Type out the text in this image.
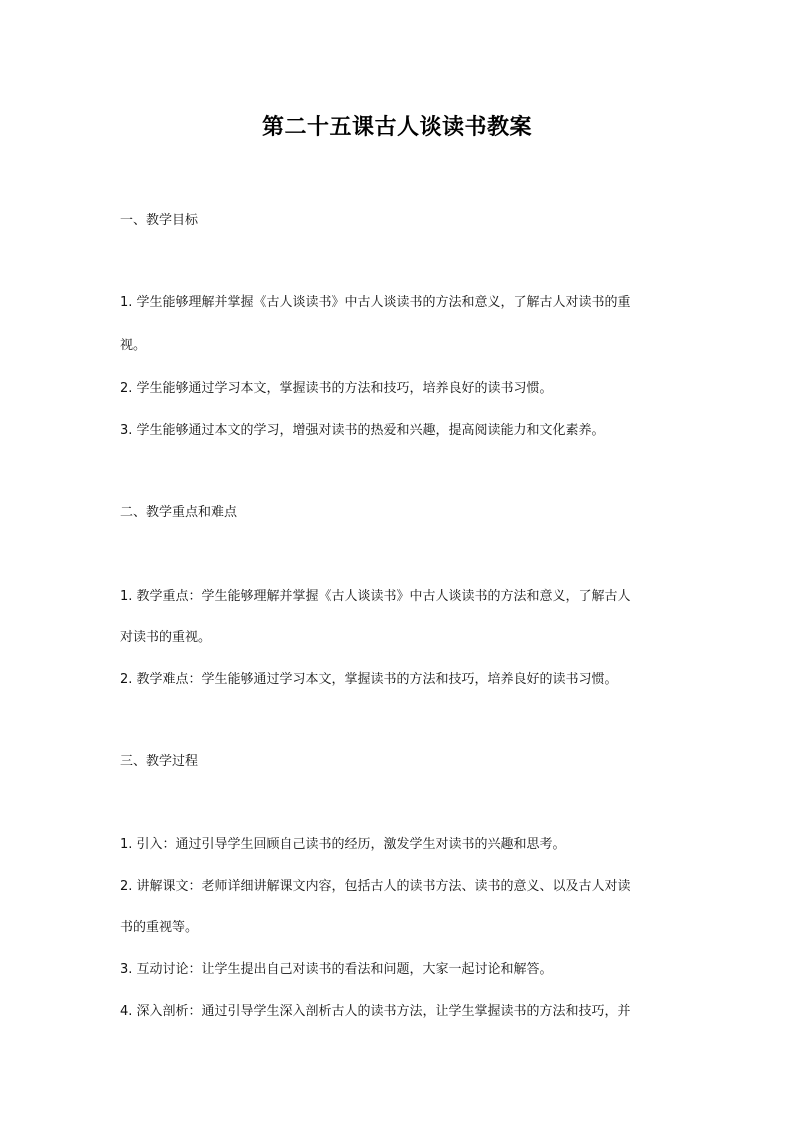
第二十五课古人谈读书教案

一、教学目标

1. 学生能够理解并掌握《古人谈读书》中古人谈读书的方法和意义，了解古人对读书的重

视。

2. 学生能够通过学习本文，掌握读书的方法和技巧，培养良好的读书习惯。

3. 学生能够通过本文的学习，增强对读书的热爱和兴趣，提高阅读能力和文化素养。

二、教学重点和难点

1. 教学重点：学生能够理解并掌握《古人谈读书》中古人谈读书的方法和意义，了解古人

对读书的重视。

2. 教学难点：学生能够通过学习本文，掌握读书的方法和技巧，培养良好的读书习惯。

三、教学过程

1. 引入：通过引导学生回顾自己读书的经历，激发学生对读书的兴趣和思考。

2. 讲解课文：老师详细讲解课文内容，包括古人的读书方法、读书的意义、以及古人对读

书的重视等。

3. 互动讨论：让学生提出自己对读书的看法和问题，大家一起讨论和解答。

4. 深入剖析：通过引导学生深入剖析古人的读书方法，让学生掌握读书的方法和技巧，并
